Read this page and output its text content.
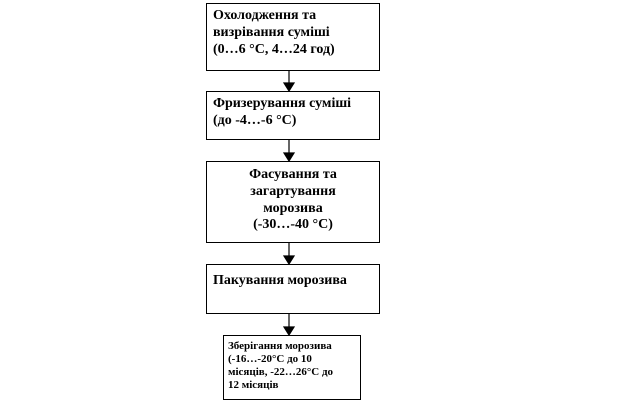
Охолодження та
визрівання суміші
(0…6 °С, 4…24 год)
Фризерування суміші
(до -4…-6 °С)
Фасування та
загартування
морозива
(-30…-40 °С)
Пакування морозива
Зберігання морозива
(-16…-20°С до 10
місяців, -22…26°С до
12 місяців
